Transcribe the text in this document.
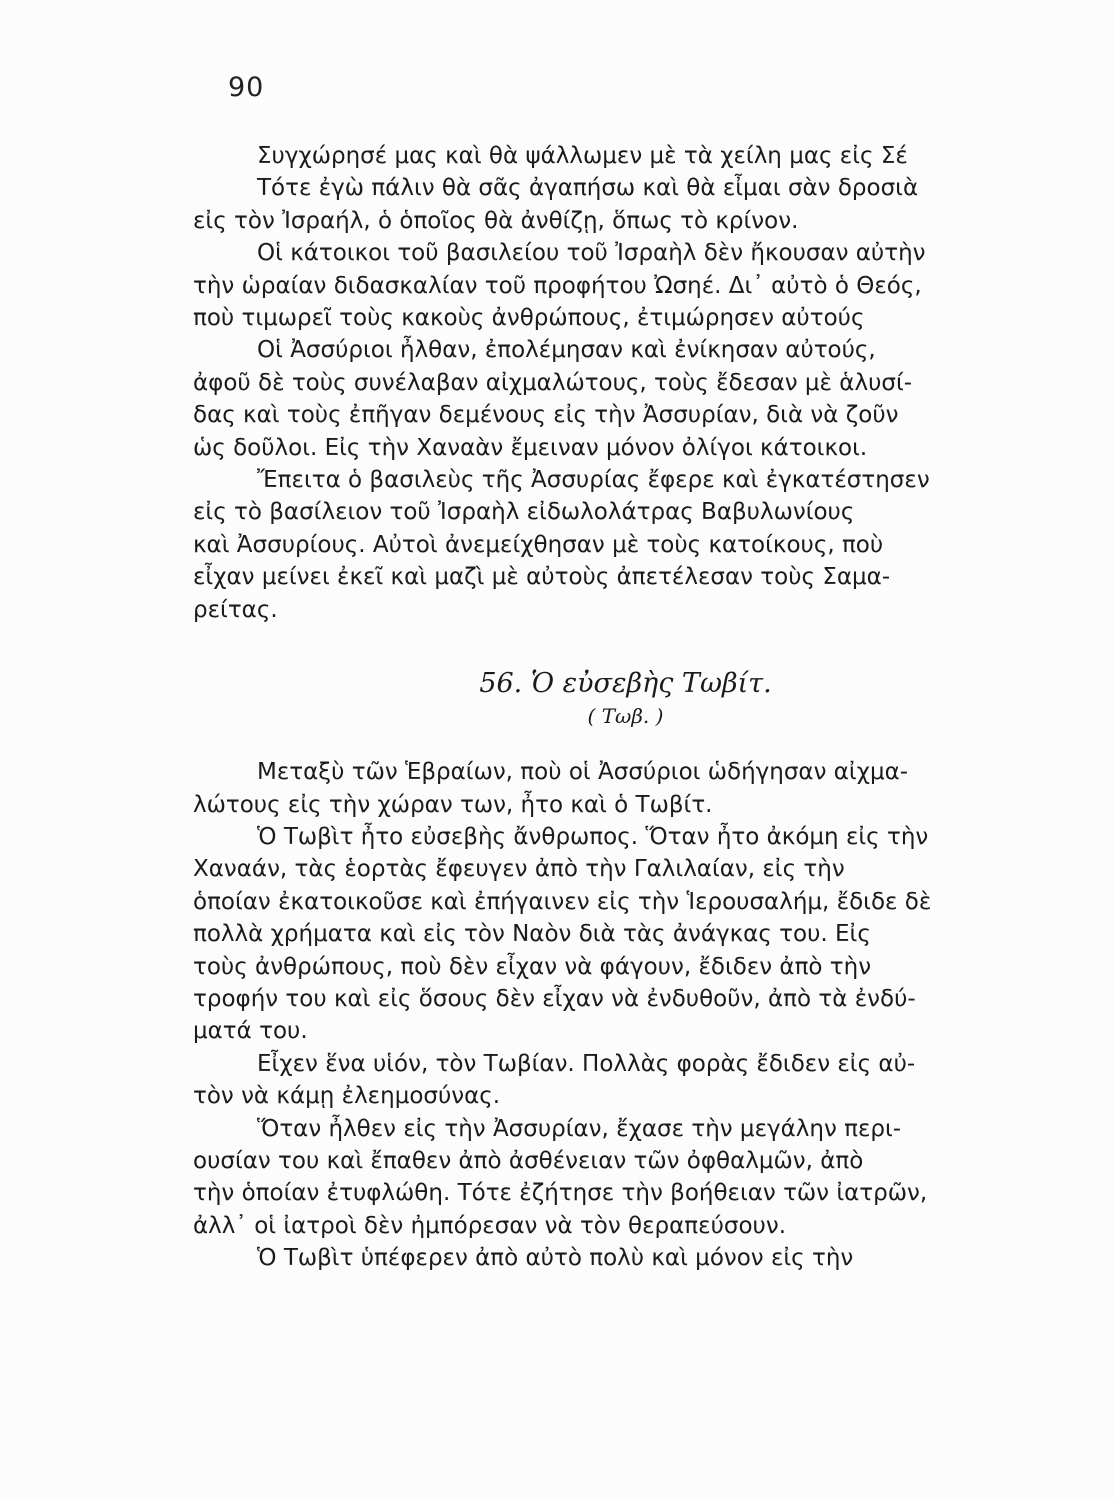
90
Συγχώρησέ μας καὶ θὰ ψάλλωμεν μὲ τὰ χείλη μας εἰς Σέ
Τότε ἐγὼ πάλιν θὰ σᾶς ἀγαπήσω καὶ θὰ εἶμαι σὰν δροσιὰ
εἰς τὸν Ἰσραήλ, ὁ ὁποῖος θὰ ἀνθίζῃ, ὅπως τὸ κρίνον.
Οἱ κάτοικοι τοῦ βασιλείου τοῦ Ἰσραὴλ δὲν ἤκουσαν αὐτὴν
τὴν ὡραίαν διδασκαλίαν τοῦ προφήτου Ὠσηέ. Δι᾽ αὐτὸ ὁ Θεός,
ποὺ τιμωρεῖ τοὺς κακοὺς ἀνθρώπους, ἐτιμώρησεν αὐτούς
Οἱ Ἀσσύριοι ἦλθαν, ἐπολέμησαν καὶ ἐνίκησαν αὐτούς,
ἀφοῦ δὲ τοὺς συνέλαβαν αἰχμαλώτους, τοὺς ἔδεσαν μὲ ἁλυσί-
δας καὶ τοὺς ἐπῆγαν δεμένους εἰς τὴν Ἀσσυρίαν, διὰ νὰ ζοῦν
ὡς δοῦλοι. Εἰς τὴν Χαναὰν ἔμειναν μόνον ὀλίγοι κάτοικοι.
Ἔπειτα ὁ βασιλεὺς τῆς Ἀσσυρίας ἔφερε καὶ ἐγκατέστησεν
εἰς τὸ βασίλειον τοῦ Ἰσραὴλ εἰδωλολάτρας Βαβυλωνίους
καὶ Ἀσσυρίους. Αὐτοὶ ἀνεμείχθησαν μὲ τοὺς κατοίκους, ποὺ
εἶχαν μείνει ἐκεῖ καὶ μαζὶ μὲ αὐτοὺς ἀπετέλεσαν τοὺς Σαμα-
ρείτας.
56. Ὁ εὐσεβὴς Τωβίτ.
( Τωβ. )
Μεταξὺ τῶν Ἑβραίων, ποὺ οἱ Ἀσσύριοι ὡδήγησαν αἰχμα-
λώτους εἰς τὴν χώραν των, ἦτο καὶ ὁ Τωβίτ.
Ὁ Τωβὶτ ἦτο εὐσεβὴς ἄνθρωπος. Ὅταν ἦτο ἀκόμη εἰς τὴν
Χαναάν, τὰς ἑορτὰς ἔφευγεν ἀπὸ τὴν Γαλιλαίαν, εἰς τὴν
ὁποίαν ἐκατοικοῦσε καὶ ἐπήγαινεν εἰς τὴν Ἱερουσαλήμ, ἔδιδε δὲ
πολλὰ χρήματα καὶ εἰς τὸν Ναὸν διὰ τὰς ἀνάγκας του. Εἰς
τοὺς ἀνθρώπους, ποὺ δὲν εἶχαν νὰ φάγουν, ἔδιδεν ἀπὸ τὴν
τροφήν του καὶ εἰς ὅσους δὲν εἶχαν νὰ ἐνδυθοῦν, ἀπὸ τὰ ἐνδύ-
ματά του.
Εἶχεν ἕνα υἱόν, τὸν Τωβίαν. Πολλὰς φορὰς ἔδιδεν εἰς αὐ-
τὸν νὰ κάμῃ ἐλεημοσύνας.
Ὅταν ἦλθεν εἰς τὴν Ἀσσυρίαν, ἔχασε τὴν μεγάλην περι-
ουσίαν του καὶ ἔπαθεν ἀπὸ ἀσθένειαν τῶν ὀφθαλμῶν, ἀπὸ
τὴν ὁποίαν ἐτυφλώθη. Τότε ἐζήτησε τὴν βοήθειαν τῶν ἰατρῶν,
ἀλλ᾽ οἱ ἰατροὶ δὲν ἠμπόρεσαν νὰ τὸν θεραπεύσουν.
Ὁ Τωβὶτ ὑπέφερεν ἀπὸ αὐτὸ πολὺ καὶ μόνον εἰς τὴν
